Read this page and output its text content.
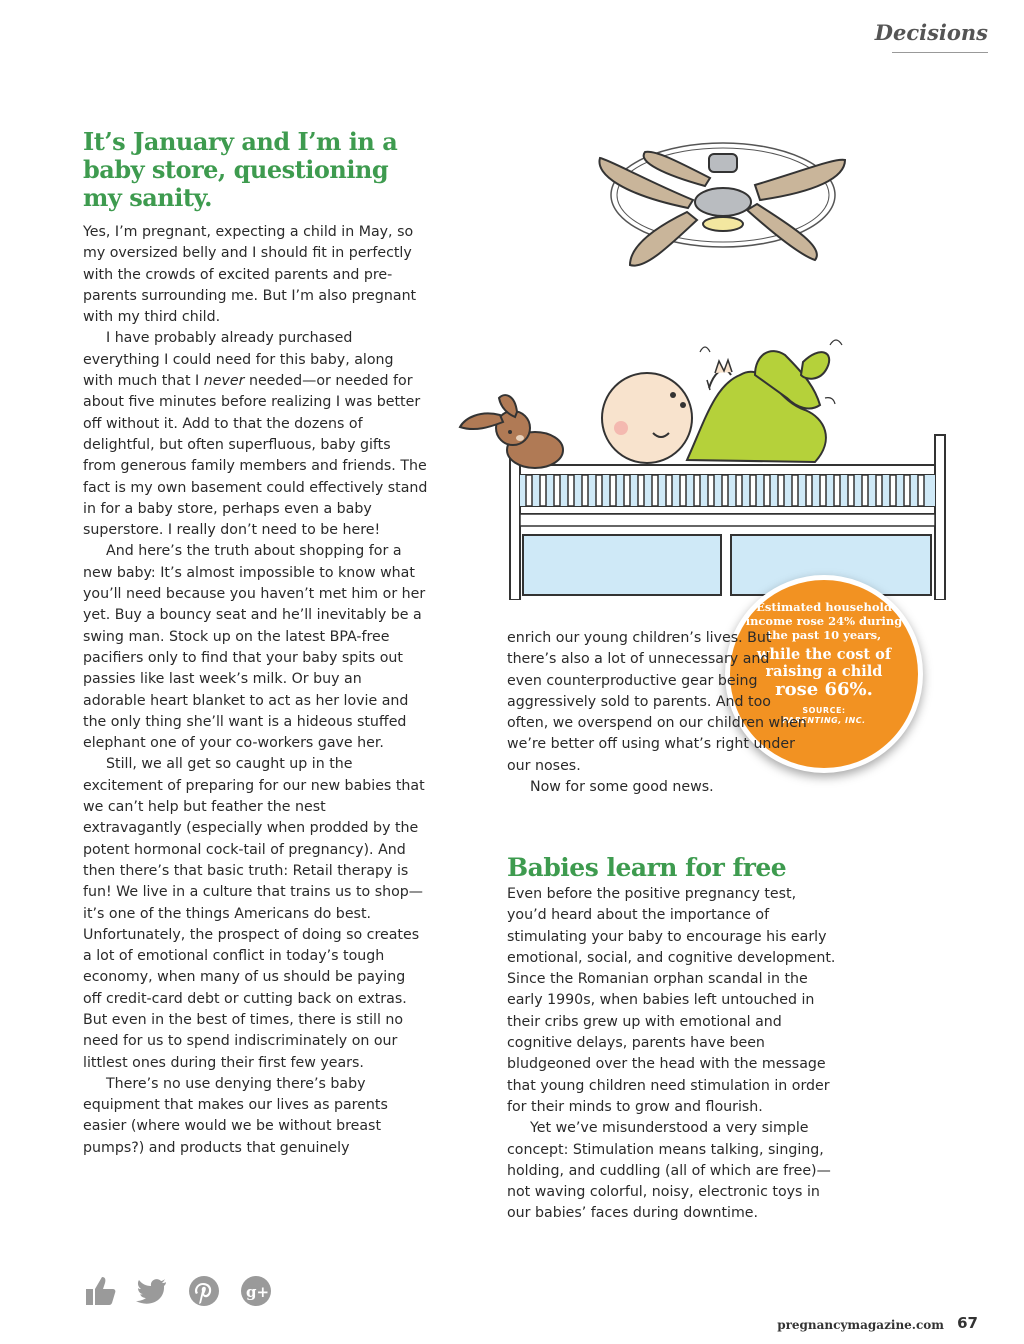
Decisions
It’s January and I’m in a baby store, questioning my sanity.

Yes, I’m pregnant, expecting a child in May, so my oversized belly and I should fit in perfectly with the crowds of excited parents and pre-parents surrounding me. But I’m also pregnant with my third child.

I have probably already purchased everything I could need for this baby, along with much that I never needed—or needed for about five minutes before realizing I was better off without it. Add to that the dozens of delightful, but often superfluous, baby gifts from generous family members and friends. The fact is my own basement could effectively stand in for a baby store, perhaps even a baby superstore. I really don’t need to be here!

And here’s the truth about shopping for a new baby: It’s almost impossible to know what you’ll need because you haven’t met him or her yet. Buy a bouncy seat and he’ll inevitably be a swing man. Stock up on the latest BPA-free pacifiers only to find that your baby spits out passies like last week’s milk. Or buy an adorable heart blanket to act as her lovie and the only thing she’ll want is a hideous stuffed elephant one of your co-workers gave her.

Still, we all get so caught up in the excitement of preparing for our new babies that we can’t help but feather the nest extravagantly (especially when prodded by the potent hormonal cock-tail of pregnancy). And then there’s that basic truth: Retail therapy is fun! We live in a culture that trains us to shop—it’s one of the things Americans do best. Unfortunately, the prospect of doing so creates a lot of emotional conflict in today’s tough economy, when many of us should be paying off credit-card debt or cutting back on extras. But even in the best of times, there is still no need for us to spend indiscriminately on our littlest ones during their first few years.

There’s no use denying there’s baby equipment that makes our lives as parents easier (where would we be without breast pumps?) and products that genuinely

Estimated household income rose 24% during the past 10 years,
while the cost of raising a child
rose 66%.
SOURCE:
PARENTING, INC.

enrich our young children’s lives. But there’s also a lot of unnecessary and even counterproductive gear being aggressively sold to parents. And too often, we overspend on our children when we’re better off using what’s right under our noses.

Now for some good news.

Babies learn for free

Even before the positive pregnancy test, you’d heard about the importance of stimulating your baby to encourage his early emotional, social, and cognitive development. Since the Romanian orphan scandal in the early 1990s, when babies left untouched in their cribs grew up with emotional and cognitive delays, parents have been bludgeoned over the head with the message that young children need stimulation in order for their minds to grow and flourish.

Yet we’ve misunderstood a very simple concept: Stimulation means talking, singing, holding, and cuddling (all of which are free)—not waving colorful, noisy, electronic toys in our babies’ faces during downtime.

g+
pregnancymagazine.com 67
